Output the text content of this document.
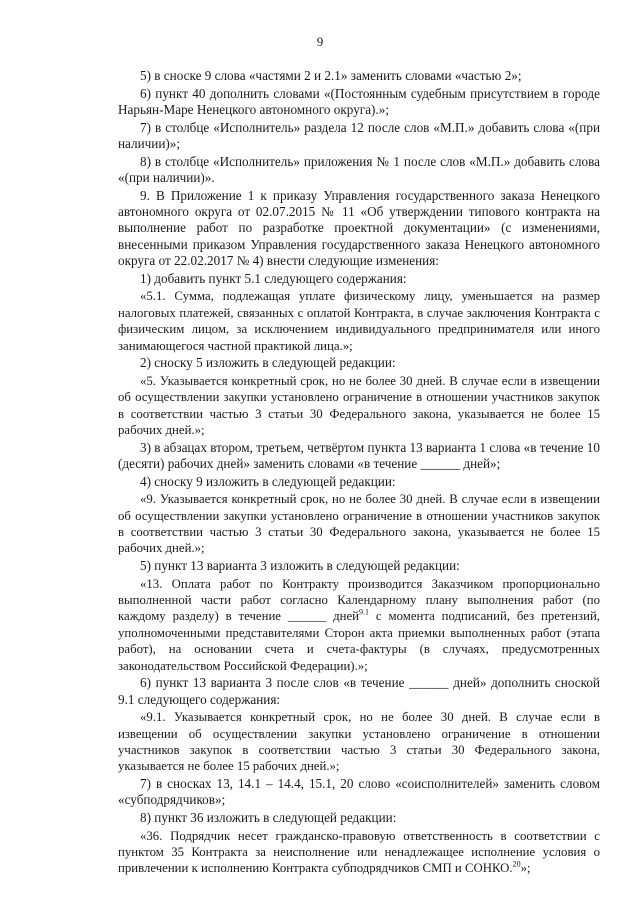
9

5) в сноске 9 слова «частями 2 и 2.1» заменить словами «частью 2»;

6) пункт 40 дополнить словами «(Постоянным судебным присутствием в городе Нарьян-Маре Ненецкого автономного округа).»;

7) в столбце «Исполнитель» раздела 12 после слов «М.П.» добавить слова «(при наличии)»;

8) в столбце «Исполнитель» приложения № 1 после слов «М.П.» добавить слова «(при наличии)».

9. В Приложение 1 к приказу Управления государственного заказа Ненецкого автономного округа от 02.07.2015 № 11 «Об утверждении типового контракта на выполнение работ по разработке проектной документации» (с изменениями, внесенными приказом Управления государственного заказа Ненецкого автономного округа от 22.02.2017 № 4) внести следующие изменения:

1) добавить пункт 5.1 следующего содержания:

«5.1. Сумма, подлежащая уплате физическому лицу, уменьшается на размер налоговых платежей, связанных с оплатой Контракта, в случае заключения Контракта с физическим лицом, за исключением индивидуального предпринимателя или иного занимающегося частной практикой лица.»;

2) сноску 5 изложить в следующей редакции:

«5. Указывается конкретный срок, но не более 30 дней. В случае если в извещении об осуществлении закупки установлено ограничение в отношении участников закупок в соответствии частью 3 статьи 30 Федерального закона, указывается не более 15 рабочих дней.»;

3) в абзацах втором, третьем, четвёртом пункта 13 варианта 1 слова «в течение 10 (десяти) рабочих дней» заменить словами «в течение ______ дней»;

4) сноску 9 изложить в следующей редакции:

«9. Указывается конкретный срок, но не более 30 дней. В случае если в извещении об осуществлении закупки установлено ограничение в отношении участников закупок в соответствии частью 3 статьи 30 Федерального закона, указывается не более 15 рабочих дней.»;

5) пункт 13 варианта 3 изложить в следующей редакции:

«13. Оплата работ по Контракту производится Заказчиком пропорционально выполненной части работ согласно Календарному плану выполнения работ (по каждому разделу) в течение ______ дней$^{9.1}$ с момента подписаний, без претензий, уполномоченными представителями Сторон акта приемки выполненных работ (этапа работ), на основании счета и счета-фактуры (в случаях, предусмотренных законодательством Российской Федерации).»;

6) пункт 13 варианта 3 после слов «в течение ______ дней» дополнить сноской 9.1 следующего содержания:

«9.1. Указывается конкретный срок, но не более 30 дней. В случае если в извещении об осуществлении закупки установлено ограничение в отношении участников закупок в соответствии частью 3 статьи 30 Федерального закона, указывается не более 15 рабочих дней.»;

7) в сносках 13, 14.1 – 14.4, 15.1, 20 слово «соисполнителей» заменить словом «субподрядчиков»;

8) пункт 36 изложить в следующей редакции:

«36. Подрядчик несет гражданско-правовую ответственность в соответствии с пунктом 35 Контракта за неисполнение или ненадлежащее исполнение условия о привлечении к исполнению Контракта субподрядчиков СМП и СОНКО.$^{20}$»;
